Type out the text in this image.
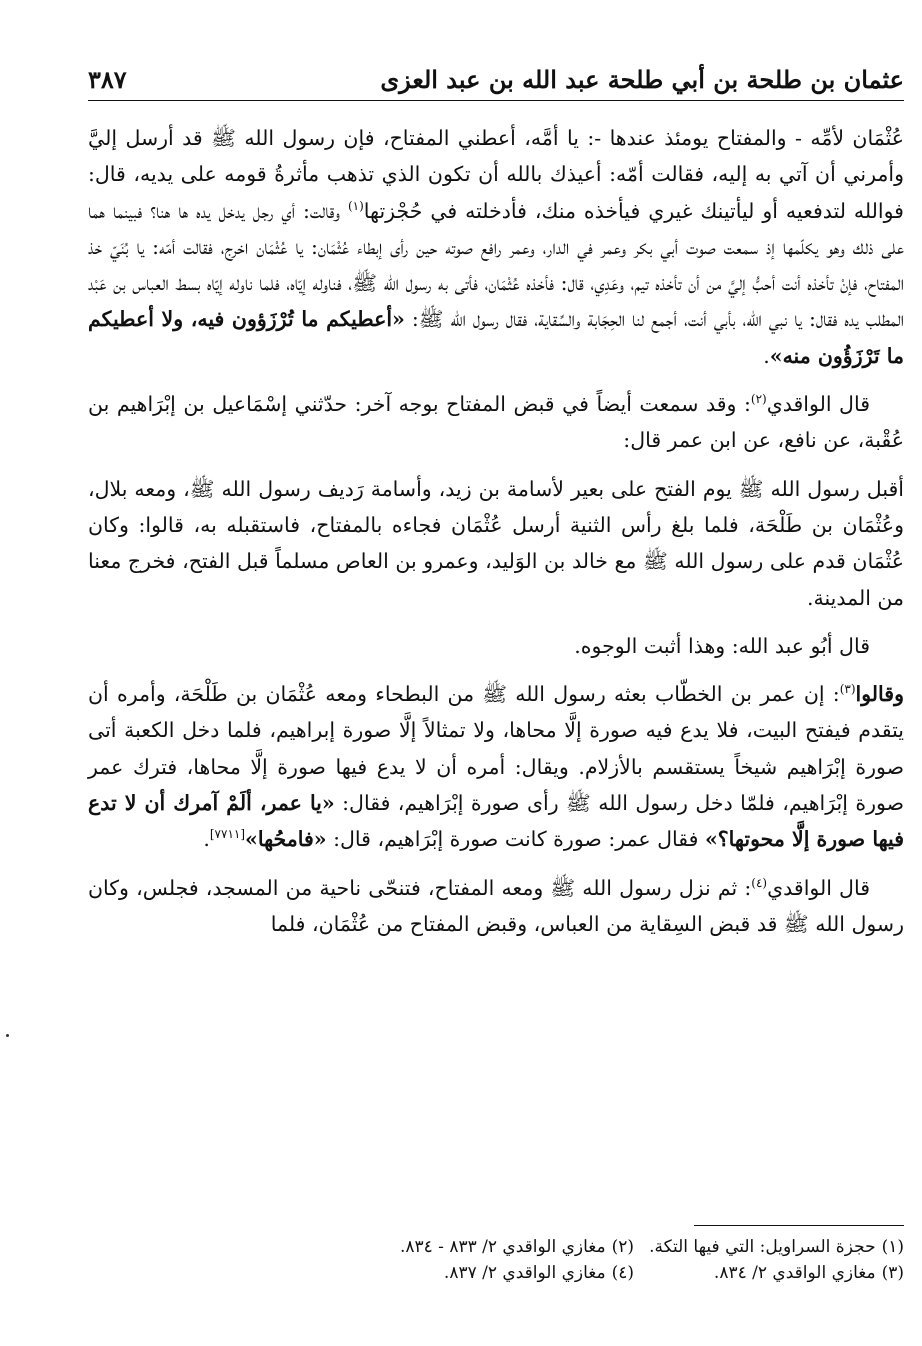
عثمان بن طلحة بن أبي طلحة عبد الله بن عبد العزى
٣٨٧

عُثْمَان لأمِّه - والمفتاح يومئذ عندها -: يا أمَّه، أعطني المفتاح، فإن رسول الله ﷺ قد أرسل إليَّ وأمرني أن آتي به إليه، فقالت أمّه: أعيذك بالله أن تكون الذي تذهب مأثرةُ قومه على يديه، قال: فوالله لتدفعيه أو ليأتينك غيري فيأخذه منك، فأدخلته في حُجْزتها$^{(١)}$ وقالت: أي رجل يدخل يده ها هنا؟ فبينما هما على ذلك وهو يكلّمها إذ سمعت صوت أبي بكر وعمر في الدار، وعمر رافع صوته حين رأى إبطاء عُثْمَان: يا عُثْمَان اخرج، فقالت أمّه: يا بُنَيّ خذ المفتاح، فإنْ تأخذه أنت أحبُّ إليَّ من أن تأخذه تيم، وعَدِي، قال: فأخذه عُثْمَان، فأتى به رسول الله ﷺ، فناوله إيّاه، فلما ناوله إيّاه بسط العباس بن عَبْد المطلب يده فقال: يا نبي الله، بأبي أنت، أجمع لنا الحِجَابة والسِّقاية، فقال رسول الله ﷺ: «أعطيكم ما تُرْزَؤون فيه، ولا أعطيكم ما تَرْزَؤُون منه».

قال الواقدي$^{(٢)}$: وقد سمعت أيضاً في قبض المفتاح بوجه آخر: حدّثني إسْمَاعيل بن إبْرَاهيم بن عُقْبة، عن نافع، عن ابن عمر قال:

أقبل رسول الله ﷺ يوم الفتح على بعير لأسامة بن زيد، وأسامة رَديف رسول الله ﷺ، ومعه بلال، وعُثْمَان بن طَلْحَة، فلما بلغ رأس الثنية أرسل عُثْمَان فجاءه بالمفتاح، فاستقبله به، قالوا: وكان عُثْمَان قدم على رسول الله ﷺ مع خالد بن الوَليد، وعمرو بن العاص مسلماً قبل الفتح، فخرج معنا من المدينة.

قال أبُو عبد الله: وهذا أثبت الوجوه.

وقالوا$^{(٣)}$: إن عمر بن الخطّاب بعثه رسول الله ﷺ من البطحاء ومعه عُثْمَان بن طَلْحَة، وأمره أن يتقدم فيفتح البيت، فلا يدع فيه صورة إلَّا محاها، ولا تمثالاً إلَّا صورة إبراهيم، فلما دخل الكعبة أتى صورة إبْرَاهيم شيخاً يستقسم بالأزلام. ويقال: أمره أن لا يدع فيها صورة إلَّا محاها، فترك عمر صورة إبْرَاهيم، فلمّا دخل رسول الله ﷺ رأى صورة إبْرَاهيم، فقال: «يا عمر، ألَمْ آمرك أن لا تدع فيها صورة إلَّا محوتها؟» فقال عمر: صورة كانت صورة إبْرَاهيم، قال: «فامحُها»[٧٧١١].

قال الواقدي$^{(٤)}$: ثم نزل رسول الله ﷺ ومعه المفتاح، فتنحّى ناحية من المسجد، فجلس، وكان رسول الله ﷺ قد قبض السِقاية من العباس، وقبض المفتاح من عُثْمَان، فلما

(١)حجزة السراويل: التي فيها التكة.
(٢)مغازي الواقدي ٢/ ٨٣٣ - ٨٣٤.
(٣)مغازي الواقدي ٢/ ٨٣٤.
(٤)مغازي الواقدي ٢/ ٨٣٧.
